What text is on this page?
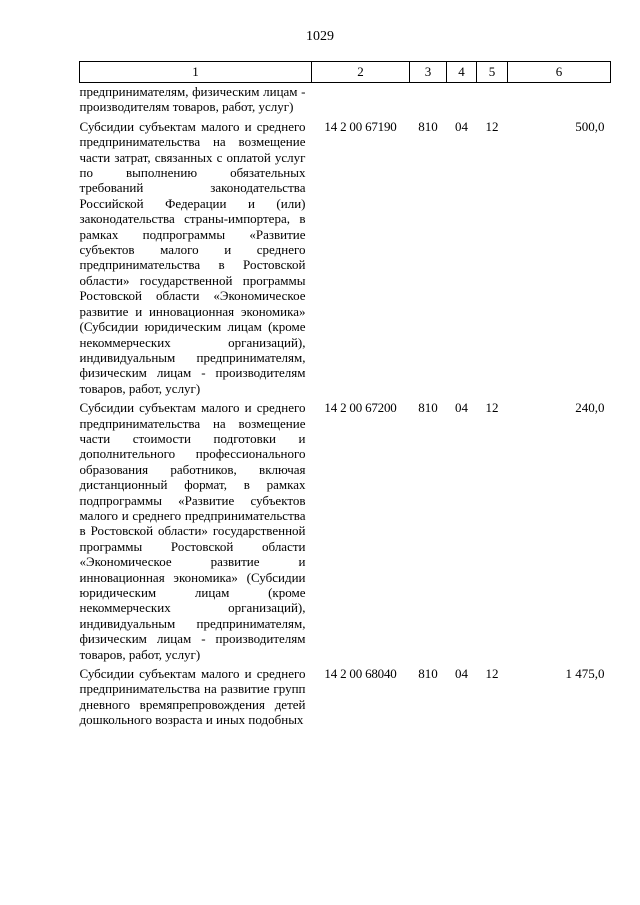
1029
1	2	3	4	5	6
предпринимателям, физическим лицам - производителям товаров, работ, услуг)					
Субсидии субъектам малого и среднего предпринимательства на возмещение части затрат, связанных с оплатой услуг по выполнению обязательных требований законодательства Российской Федерации и (или) законодательства страны-импортера, в рамках подпрограммы «Развитие субъектов малого и среднего предпринимательства в Ростовской области» государственной программы Ростовской области «Экономическое развитие и инновационная экономика» (Субсидии юридическим лицам (кроме некоммерческих организаций), индивидуальным предпринимателям, физическим лицам - производителям товаров, работ, услуг)	14 2 00 67190	810	04	12	500,0
Субсидии субъектам малого и среднего предпринимательства на возмещение части стоимости подготовки и дополнительного профессионального образования работников, включая дистанционный формат, в рамках подпрограммы «Развитие субъектов малого и среднего предпринимательства в Ростовской области» государственной программы Ростовской области «Экономическое развитие и инновационная экономика» (Субсидии юридическим лицам (кроме некоммерческих организаций), индивидуальным предпринимателям, физическим лицам - производителям товаров, работ, услуг)	14 2 00 67200	810	04	12	240,0
Субсидии субъектам малого и среднего предпринимательства на развитие групп дневного времяпрепровождения детей дошкольного возраста и иных подобных	14 2 00 68040	810	04	12	1 475,0
